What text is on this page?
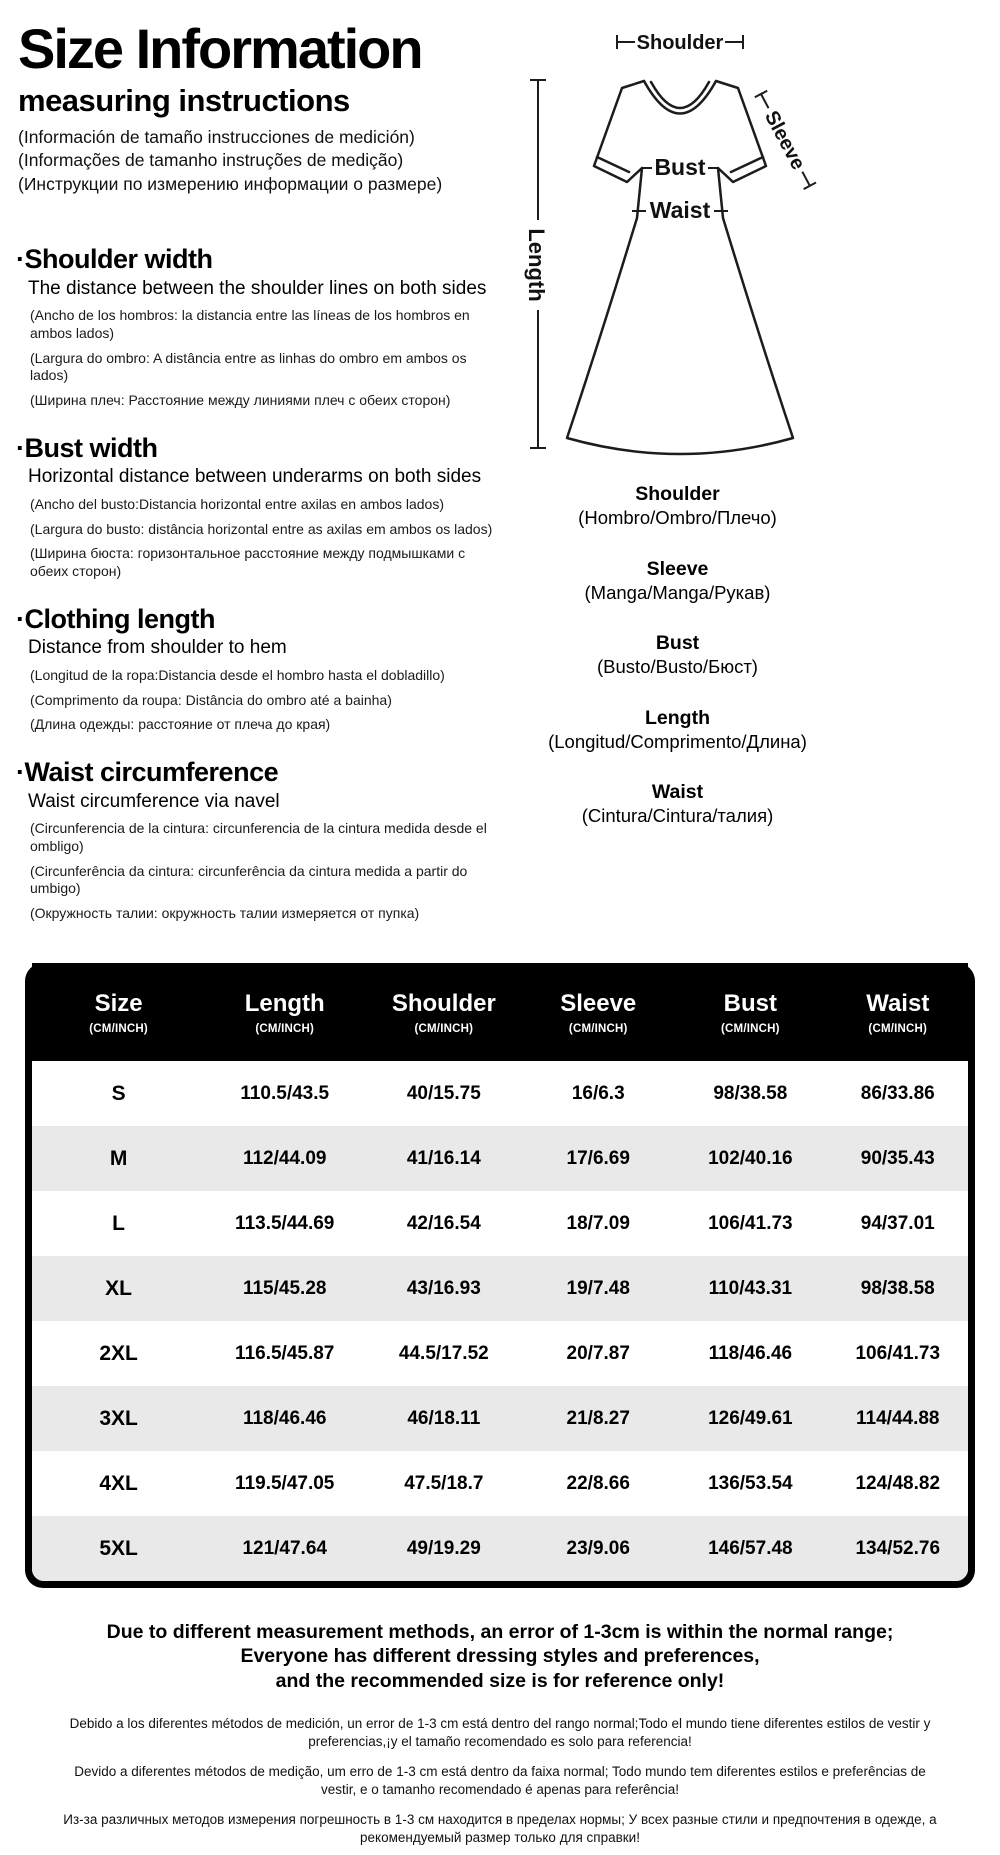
Size Information
measuring instructions
(Información de tamaño instrucciones de medición)
(Informações de tamanho instruções de medição)
(Инструкции по измерению информации о размере)
·Shoulder width
The distance between the shoulder lines on both sides

(Ancho de los hombros: la distancia entre las líneas de los hombros en ambos lados)

(Largura do ombro: A distância entre as linhas do ombro em ambos os lados)

(Ширина плеч: Расстояние между линиями плеч с обеих сторон)

·Bust width
Horizontal distance between underarms on both sides

(Ancho del busto:Distancia horizontal entre axilas en ambos lados)

(Largura do busto: distância horizontal entre as axilas em ambos os lados)

(Ширина бюста: горизонтальное расстояние между подмышками с обеих сторон)

·Clothing length
Distance from shoulder to hem

(Longitud de la ropa:Distancia desde el hombro hasta el dobladillo)

(Comprimento da roupa: Distância do ombro até a bainha)

(Длина одежды: расстояние от плеча до края)

·Waist circumference
Waist circumference via navel

(Circunferencia de la cintura: circunferencia de la cintura medida desde el ombligo)

(Circunferência da cintura: circunferência da cintura medida a partir do umbigo)

(Окружность талии: окружность талии измеряется от пупка)

Shoulder
Sleeve
Bust
Waist
Length
Shoulder
(Hombro/Ombro/Плечо)
Sleeve
(Manga/Manga/Рукав)
Bust
(Busto/Busto/Бюст)
Length
(Longitud/Comprimento/Длина)
Waist
(Cintura/Cintura/талия)
Size
(CM/INCH)
Length
(CM/INCH)
Shoulder
(CM/INCH)
Sleeve
(CM/INCH)
Bust
(CM/INCH)
Waist
(CM/INCH)
S	110.5/43.5	40/15.75	16/6.3	98/38.58	86/33.86
M	112/44.09	41/16.14	17/6.69	102/40.16	90/35.43
L	113.5/44.69	42/16.54	18/7.09	106/41.73	94/37.01
XL	115/45.28	43/16.93	19/7.48	110/43.31	98/38.58
2XL	116.5/45.87	44.5/17.52	20/7.87	118/46.46	106/41.73
3XL	118/46.46	46/18.11	21/8.27	126/49.61	114/44.88
4XL	119.5/47.05	47.5/18.7	22/8.66	136/53.54	124/48.82
5XL	121/47.64	49/19.29	23/9.06	146/57.48	134/52.76
Due to different measurement methods, an error of 1-3cm is within the normal range;
Everyone has different dressing styles and preferences,
and the recommended size is for reference only!

Debido a los diferentes métodos de medición, un error de 1-3 cm está dentro del rango normal;Todo el mundo tiene diferentes estilos de vestir y preferencias,¡y el tamaño recomendado es solo para referencia!

Devido a diferentes métodos de medição, um erro de 1-3 cm está dentro da faixa normal; Todo mundo tem diferentes estilos e preferências de vestir, e o tamanho recomendado é apenas para referência!

Из-за различных методов измерения погрешность в 1-3 см находится в пределах нормы; У всех разные стили и предпочтения в одежде, а рекомендуемый размер только для справки!
